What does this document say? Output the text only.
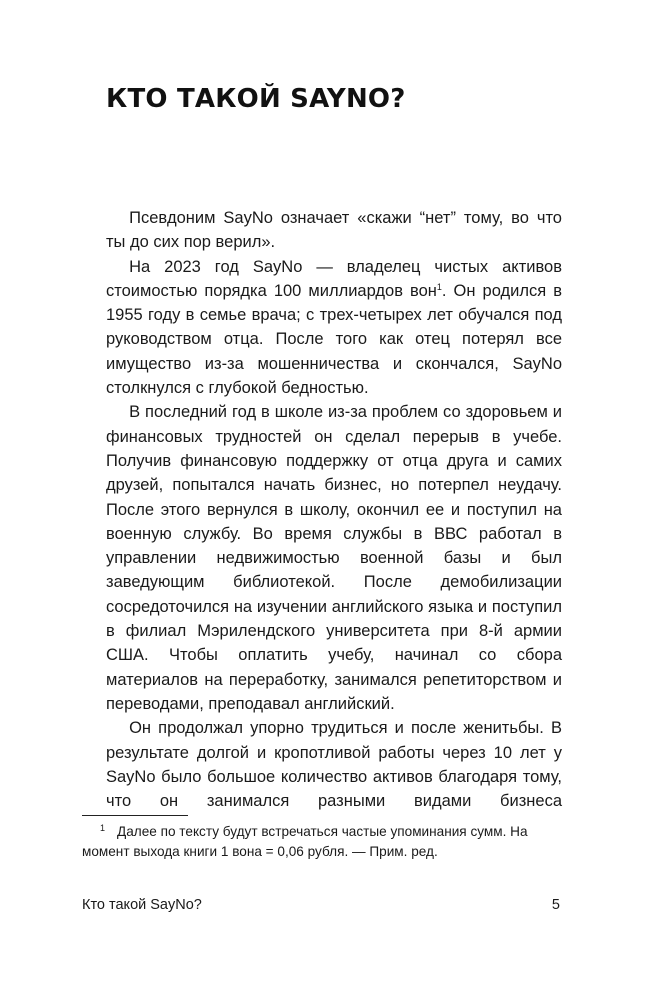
КТО ТАКОЙ SAYNO?

Псевдоним SayNo означает «скажи “нет” тому, во что ты до сих пор верил».

На 2023 год SayNo — владелец чистых активов стоимостью порядка 100 миллиардов вон$^1$. Он родился в 1955 году в семье врача; с трех-четырех лет обучался под руководством отца. После того как отец потерял все имущество из-за мошенничества и скончался, SayNo столкнулся с глубокой бедностью.

В последний год в школе из-за проблем со здоровьем и финансовых трудностей он сделал перерыв в учебе. Получив финансовую поддержку от отца друга и самих друзей, попытался начать бизнес, но потерпел неудачу. После этого вернулся в школу, окончил ее и поступил на военную службу. Во время службы в ВВС работал в управлении недвижимостью военной базы и был заведующим библиотекой. После демобилизации сосредоточился на изучении английского языка и поступил в филиал Мэрилендского университета при 8-й армии США. Чтобы оплатить учебу, начинал со сбора материалов на переработку, занимался репетиторством и переводами, преподавал английский.

Он продолжал упорно трудиться и после женитьбы. В результате долгой и кропотливой работы через 10 лет у SayNo было большое количество активов благодаря тому, что он занимался разными видами бизнеса

$^1$ Далее по тексту будут встречаться частые упоминания сумм. На момент выхода книги 1 вона = 0,06 рубля. — Прим. ред.

Кто такой SayNo?	5
